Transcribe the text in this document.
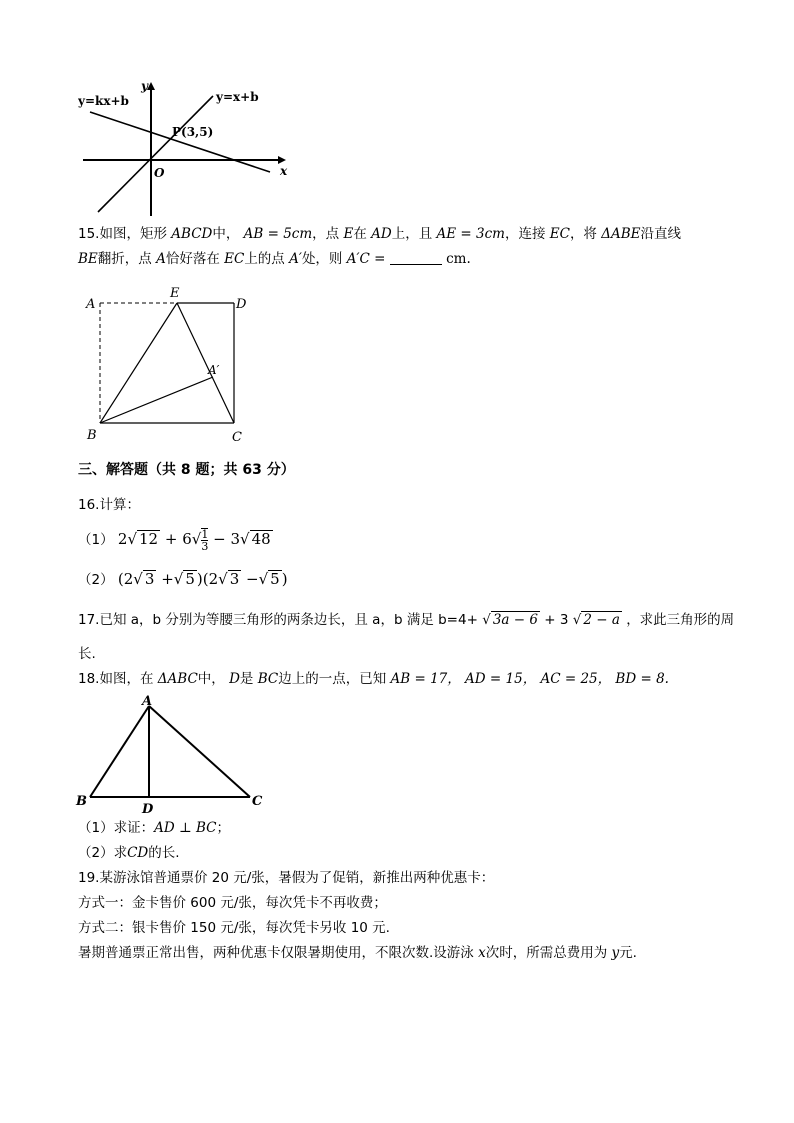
y=kx+b	y=x+b
y
x
O
P(3,5)
15.如图，矩形 ABCD中， AB = 5cm，点 E在 AD上，且 AE = 3cm，连接 EC，将 ΔABE沿直线
BE翻折，点 A恰好落在 EC上的点 A′处，则 A′C =	cm.
A
E
D
A′
B	C
三、解答题（共 8 题；共 63 分）
16.计算：
（1） 2√ $12 + 6√ \frac{1}{3} - 3√$ 48
（2） (2√ 3 +√ 5 )(2√ 3 −√ 5 )
17.已知 a，b 分别为等腰三角形的两条边长，且 a，b 满足 b=4+ √ 3a − 6 + 3 √ 2 − a ，求此三角形的周
长.
18.如图，在 ΔABC中， D是 BC边上的一点，已知 AB = 17， AD = 15， AC = 25， BD = 8.
A
B	C
D
（1）求证：AD ⊥ BC；
（2）求CD的长.
19.某游泳馆普通票价 20 元/张，暑假为了促销，新推出两种优惠卡：
方式一：金卡售价 600 元/张，每次凭卡不再收费；
方式二：银卡售价 150 元/张，每次凭卡另收 10 元.
暑期普通票正常出售，两种优惠卡仅限暑期使用，不限次数.设游泳 x次时，所需总费用为 y元.
